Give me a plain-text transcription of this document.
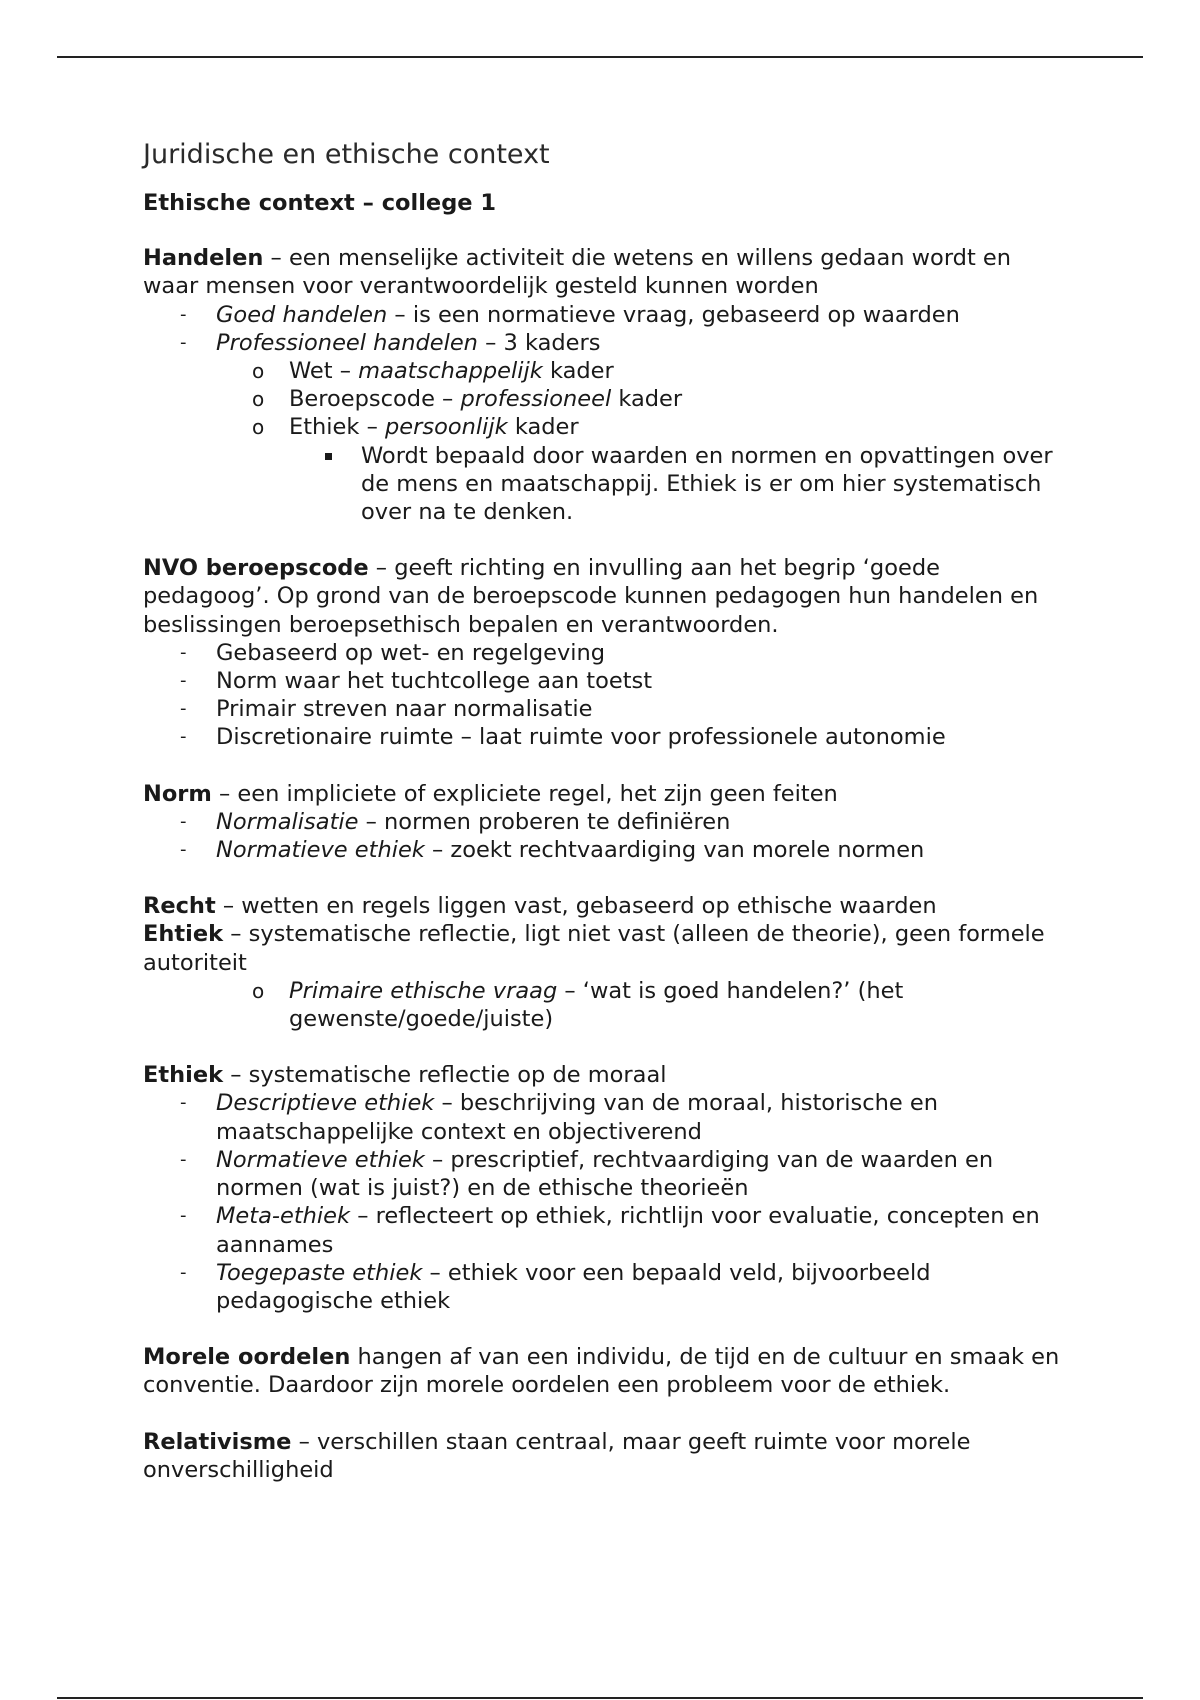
Juridische en ethische context
Ethische context – college 1
Handelen – een menselijke activiteit die wetens en willens gedaan wordt en waar mensen voor verantwoordelijk gesteld kunnen worden
- Goed handelen – is een normatieve vraag, gebaseerd op waarden
- Professioneel handelen – 3 kaders
o Wet – maatschappelijk kader
o Beroepscode – professioneel kader
o Ethiek – persoonlijk kader
Wordt bepaald door waarden en normen en opvattingen over de mens en maatschappij. Ethiek is er om hier systematisch over na te denken.
NVO beroepscode – geeft richting en invulling aan het begrip ‘goede pedagoog’. Op grond van de beroepscode kunnen pedagogen hun handelen en beslissingen beroepsethisch bepalen en verantwoorden.
- Gebaseerd op wet- en regelgeving
- Norm waar het tuchtcollege aan toetst
- Primair streven naar normalisatie
- Discretionaire ruimte – laat ruimte voor professionele autonomie
Norm – een impliciete of expliciete regel, het zijn geen feiten
- Normalisatie – normen proberen te definiëren
- Normatieve ethiek – zoekt rechtvaardiging van morele normen
Recht – wetten en regels liggen vast, gebaseerd op ethische waarden
Ehtiek – systematische reflectie, ligt niet vast (alleen de theorie), geen formele autoriteit
o Primaire ethische vraag – ‘wat is goed handelen?’ (het gewenste/goede/juiste)
Ethiek – systematische reflectie op de moraal
- Descriptieve ethiek – beschrijving van de moraal, historische en maatschappelijke context en objectiverend
- Normatieve ethiek – prescriptief, rechtvaardiging van de waarden en normen (wat is juist?) en de ethische theorieën
- Meta-ethiek – reflecteert op ethiek, richtlijn voor evaluatie, concepten en aannames
- Toegepaste ethiek – ethiek voor een bepaald veld, bijvoorbeeld pedagogische ethiek
Morele oordelen hangen af van een individu, de tijd en de cultuur en smaak en conventie. Daardoor zijn morele oordelen een probleem voor de ethiek.
Relativisme – verschillen staan centraal, maar geeft ruimte voor morele onverschilligheid
